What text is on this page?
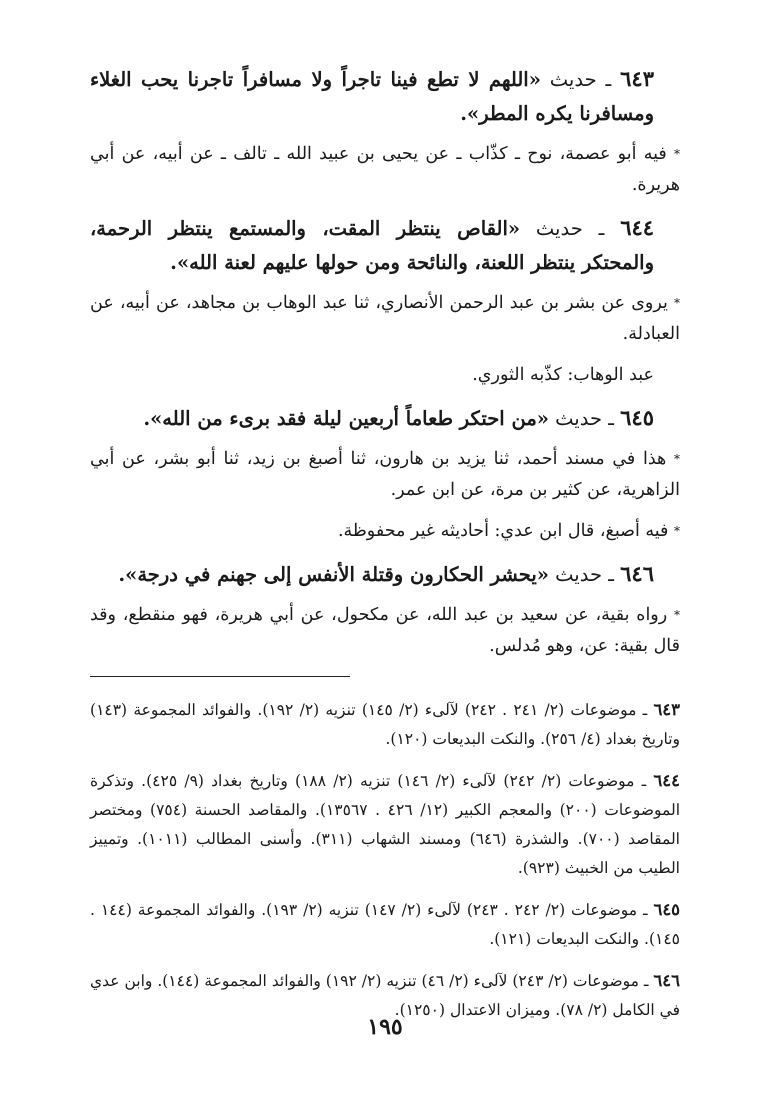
٦٤٣ ـ حديث «اللهم لا تطع فينا تاجراً ولا مسافراً تاجرنا يحب الغلاء ومسافرنا يكره المطر».

* فيه أبو عصمة، نوح ـ كذّاب ـ عن يحيى بن عبيد الله ـ تالف ـ عن أبيه، عن أبي هريرة.

٦٤٤ ـ حديث «القاص ينتظر المقت، والمستمع ينتظر الرحمة، والمحتكر ينتظر اللعنة، والنائحة ومن حولها عليهم لعنة الله».

* يروى عن بشر بن عبد الرحمن الأنصاري، ثنا عبد الوهاب بن مجاهد، عن أبيه، عن العبادلة.

عبد الوهاب: كذّبه الثوري.

٦٤٥ ـ حديث «من احتكر طعاماً أربعين ليلة فقد برىء من الله».

* هذا في مسند أحمد، ثنا يزيد بن هارون، ثنا أصبغ بن زيد، ثنا أبو بشر، عن أبي الزاهرية، عن كثير بن مرة، عن ابن عمر.

* فيه أصبغ، قال ابن عدي: أحاديثه غير محفوظة.

٦٤٦ ـ حديث «يحشر الحكارون وقتلة الأنفس إلى جهنم في درجة».

* رواه بقية، عن سعيد بن عبد الله، عن مكحول، عن أبي هريرة، فهو منقطع، وقد قال بقية: عن، وهو مُدلس.

٦٤٣ ـ موضوعات (٢/ ٢٤١ . ٢٤٢) لآلىء (٢/ ١٤٥) تنزيه (٢/ ١٩٢). والفوائد المجموعة (١٤٣) وتاريخ بغداد (٤/ ٢٥٦). والنكت البديعات (١٢٠).

٦٤٤ ـ موضوعات (٢/ ٢٤٢) لآلىء (٢/ ١٤٦) تنزيه (٢/ ١٨٨) وتاريخ بغداد (٩/ ٤٢٥). وتذكرة الموضوعات (٢٠٠) والمعجم الكبير (١٢/ ٤٢٦ . ١٣٥٦٧). والمقاصد الحسنة (٧٥٤) ومختصر المقاصد (٧٠٠). والشذرة (٦٤٦) ومسند الشهاب (٣١١). وأسنى المطالب (١٠١١). وتمييز الطيب من الخبيث (٩٢٣).

٦٤٥ ـ موضوعات (٢/ ٢٤٢ . ٢٤٣) لآلىء (٢/ ١٤٧) تنزيه (٢/ ١٩٣). والفوائد المجموعة (١٤٤ . ١٤٥). والنكت البديعات (١٢١).

٦٤٦ ـ موضوعات (٢/ ٢٤٣) لآلىء (٢/ ٤٦) تنزيه (٢/ ١٩٢) والفوائد المجموعة (١٤٤). وابن عدي في الكامل (٢/ ٧٨). وميزان الاعتدال (١٢٥٠).

١٩٥
